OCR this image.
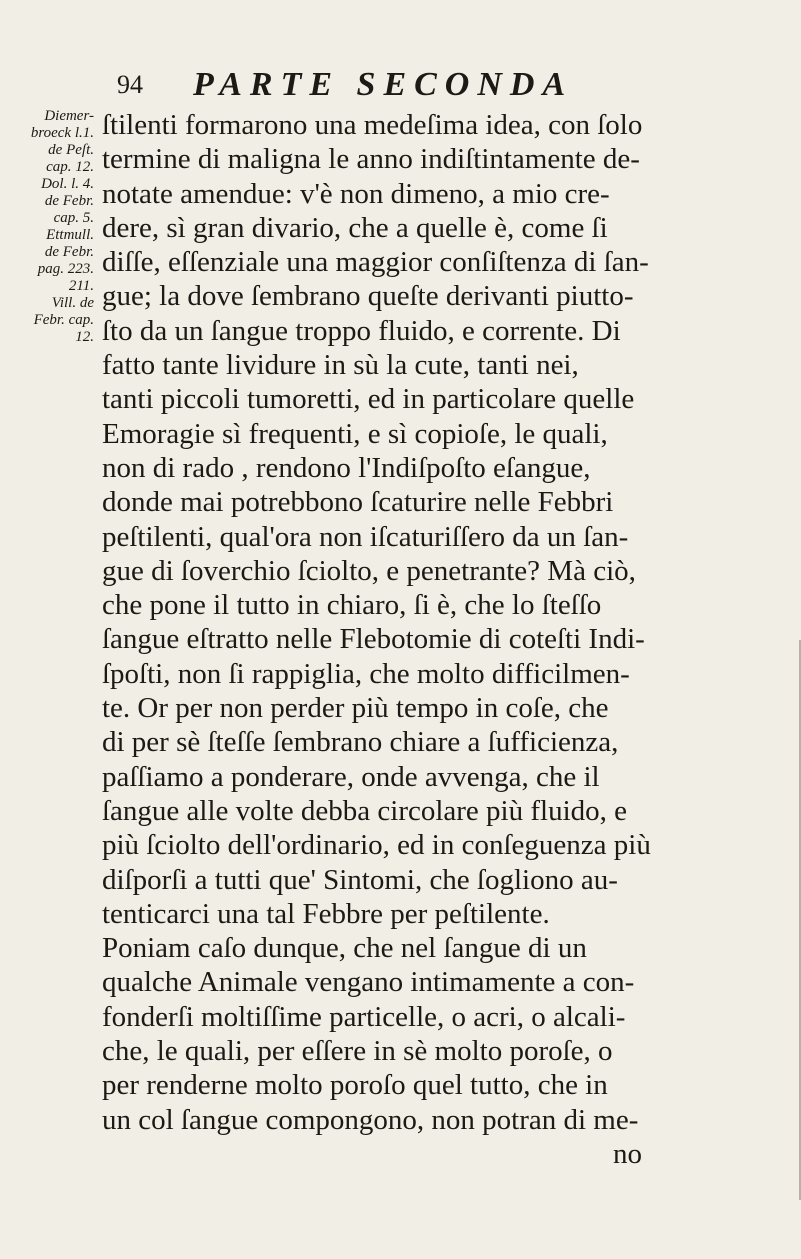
94 PARTE SECONDA
Diemer-
broeck l.1.
de Peſt.
cap. 12.
Dol. l. 4.
de Febr.
cap. 5.
Ettmull.
de Febr.
pag. 223.
211.
Vill. de
Febr. cap.
12.
ſtilenti formarono una medeſima idea, con ſolo
termine di maligna le anno indiſtintamente de-
notate amendue: v'è non dimeno, a mio cre-
dere, sì gran divario, che a quelle è, come ſi
diſſe, eſſenziale una maggior conſiſtenza di ſan-
gue; la dove ſembrano queſte derivanti piutto-
ſto da un ſangue troppo fluido, e corrente. Di
fatto tante lividure in sù la cute, tanti nei,
tanti piccoli tumoretti, ed in particolare quelle
Emoragie sì frequenti, e sì copioſe, le quali,
non di rado , rendono l'Indiſpoſto eſangue,
donde mai potrebbono ſcaturire nelle Febbri
peſtilenti, qual'ora non iſcaturiſſero da un ſan-
gue di ſoverchio ſciolto, e penetrante? Mà ciò,
che pone il tutto in chiaro, ſi è, che lo ſteſſo
ſangue eſtratto nelle Flebotomie di coteſti Indi-
ſpoſti, non ſi rappiglia, che molto difficilmen-
te. Or per non perder più tempo in coſe, che
di per sè ſteſſe ſembrano chiare a ſufficienza,
paſſiamo a ponderare, onde avvenga, che il
ſangue alle volte debba circolare più fluido, e
più ſciolto dell'ordinario, ed in conſeguenza più
diſporſi a tutti que' Sintomi, che ſogliono au-
tenticarci una tal Febbre per peſtilente.
Poniam caſo dunque, che nel ſangue di un
qualche Animale vengano intimamente a con-
fonderſi moltiſſime particelle, o acri, o alcali-
che, le quali, per eſſere in sè molto poroſe, o
per renderne molto poroſo quel tutto, che in
un col ſangue compongono, non potran di me-
no
